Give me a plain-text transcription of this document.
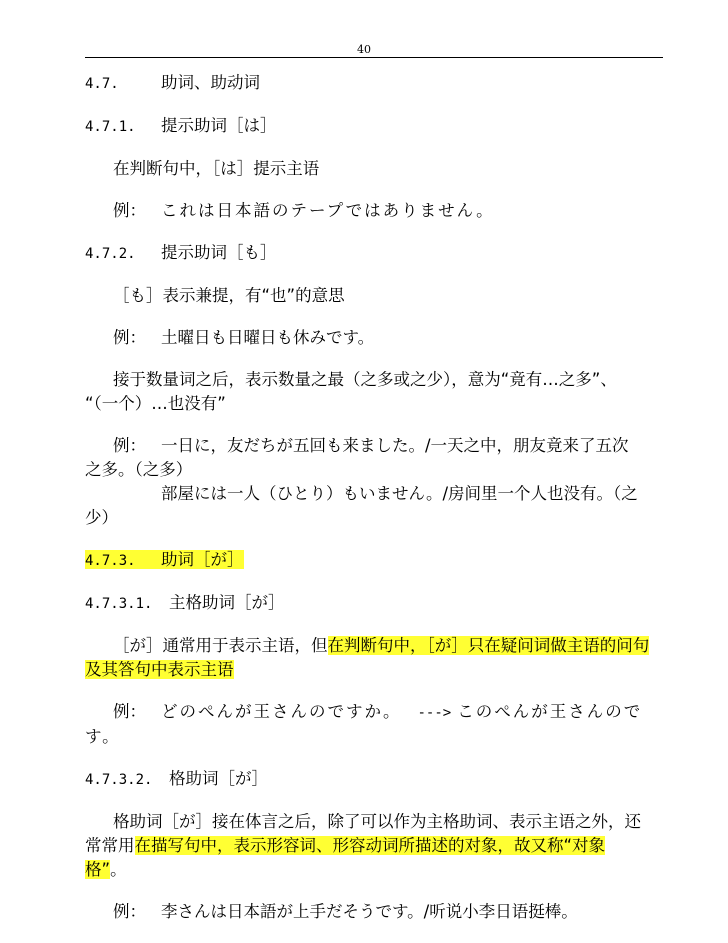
40
4.7.	助词、助动词
4.7.1. 提示助词［は］
在判断句中，［は］提示主语
例： これは日本語のテープではありません。
4.7.2. 提示助词［も］
［も］表示兼提，有“也”的意思
例： 土曜日も日曜日も休みです。
接于数量词之后，表示数量之最（之多或之少），意为“竟有…之多”、
“（一个）…也没有”
例： 一日に，友だちが五回も来ました。/一天之中，朋友竟来了五次
之多。（之多）
部屋には一人（ひとり）もいません。/房间里一个人也没有。（之
少）
4.7.3. 助词［が］
4.7.3.1. 主格助词［が］
［が］通常用于表示主语，但在判断句中，［が］只在疑问词做主语的问句
及其答句中表示主语
例： どのぺんが王さんのですか。 ---> このぺんが王さんのです。
4.7.3.2. 格助词［が］
格助词［が］接在体言之后，除了可以作为主格助词、表示主语之外，还
常常用在描写句中，表示形容词、形容动词所描述的对象，故又称“对象
格”。
例： 李さんは日本語が上手だそうです。/听说小李日语挺棒。
